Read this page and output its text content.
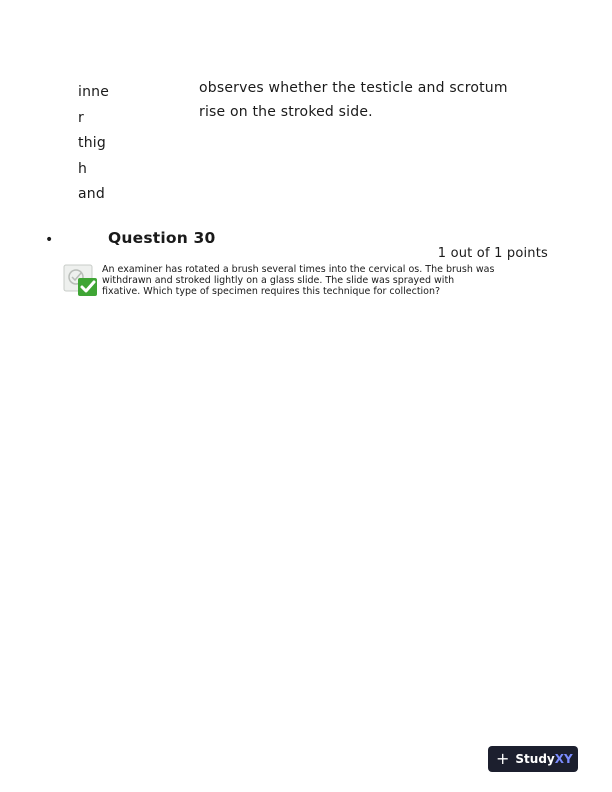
inne
r
thig
h
and
observes whether the testicle and scrotum
rise on the stroked side.
•	Question 30
1 out of 1 points
An examiner has rotated a brush several times into the cervical os. The brush was
withdrawn and stroked lightly on a glass slide. The slide was sprayed with
fixative. Which type of specimen requires this technique for collection?
+ Study XY
